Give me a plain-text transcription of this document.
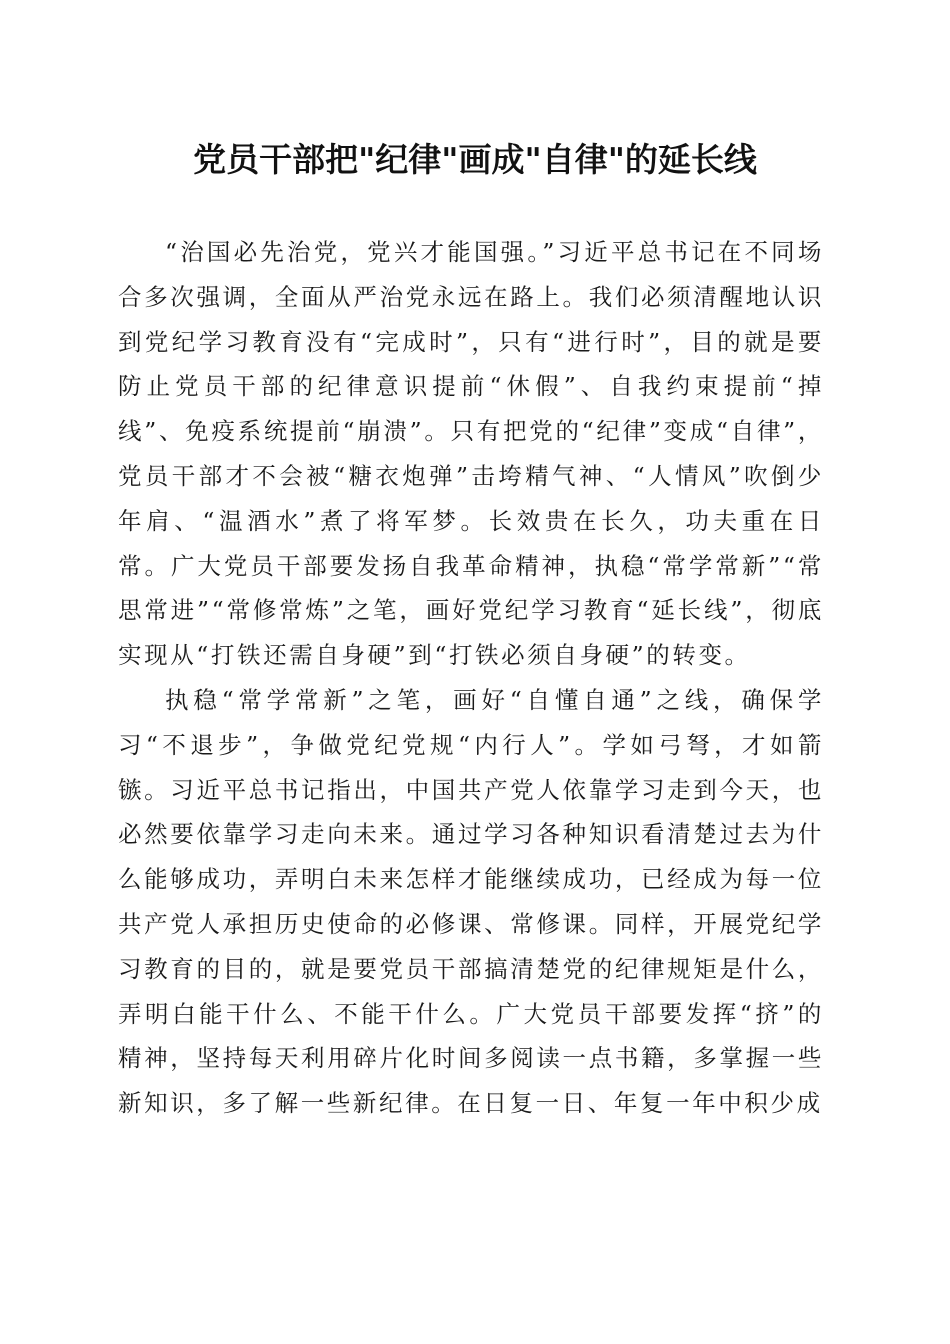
党员干部把"纪律"画成"自律"的延长线

“治国必先治党，党兴才能国强。”习近平总书记在不同场合多次强调，全面从严治党永远在路上。我们必须清醒地认识到党纪学习教育没有“完成时”，只有“进行时”，目的就是要防止党员干部的纪律意识提前“休假”、自我约束提前“掉线”、免疫系统提前“崩溃”。只有把党的“纪律”变成“自律”，党员干部才不会被“糖衣炮弹”击垮精气神、“人情风”吹倒少年肩、“温酒水”煮了将军梦。长效贵在长久，功夫重在日常。广大党员干部要发扬自我革命精神，执稳“常学常新”“常思常进”“常修常炼”之笔，画好党纪学习教育“延长线”，彻底实现从“打铁还需自身硬”到“打铁必须自身硬”的转变。

执稳“常学常新”之笔，画好“自懂自通”之线，确保学习“不退步”，争做党纪党规“内行人”。学如弓弩，才如箭镞。习近平总书记指出，中国共产党人依靠学习走到今天，也必然要依靠学习走向未来。通过学习各种知识看清楚过去为什么能够成功，弄明白未来怎样才能继续成功，已经成为每一位共产党人承担历史使命的必修课、常修课。同样，开展党纪学习教育的目的，就是要党员干部搞清楚党的纪律规矩是什么，弄明白能干什么、不能干什么。广大党员干部要发挥“挤”的精神，坚持每天利用碎片化时间多阅读一点书籍，多掌握一些新知识，多了解一些新纪律。在日复一日、年复一年中积少成
